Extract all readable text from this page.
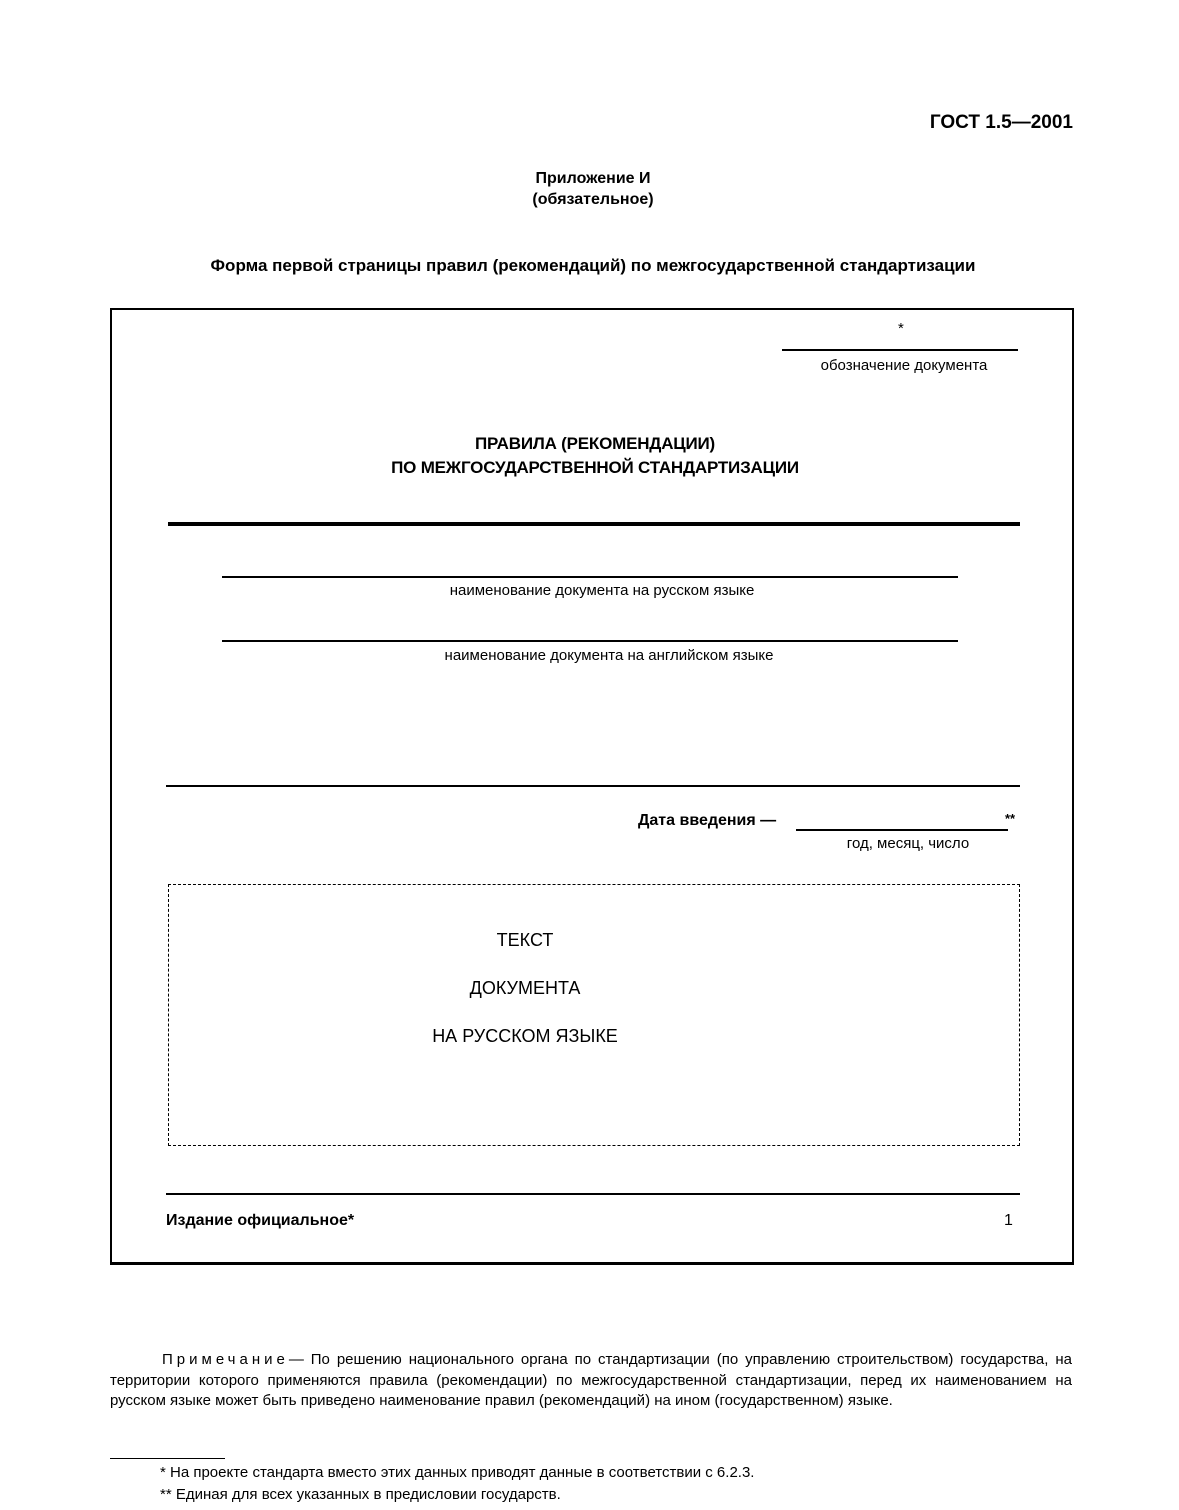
ГОСТ 1.5—2001
Приложение И
(обязательное)
Форма первой страницы правил (рекомендаций) по межгосударственной стандартизации
*
обозначение документа
ПРАВИЛА (РЕКОМЕНДАЦИИ)
ПО МЕЖГОСУДАРСТВЕННОЙ СТАНДАРТИЗАЦИИ
наименование документа на русском языке
наименование документа на английском языке
Дата введения —	**
год, месяц, число
ТЕКСТ
ДОКУМЕНТА
НА РУССКОМ ЯЗЫКЕ
Издание официальное*	1
Примечание— По решению национального органа по стандартизации (по управлению строительством) государства, на территории которого применяются правила (рекомендации) по межгосударственной стандартизации, перед их наименованием на русском языке может быть приведено наименование правил (рекомендаций) на ином (государственном) языке.
* На проекте стандарта вместо этих данных приводят данные в соответствии с 6.2.3.
** Единая для всех указанных в предисловии государств.
